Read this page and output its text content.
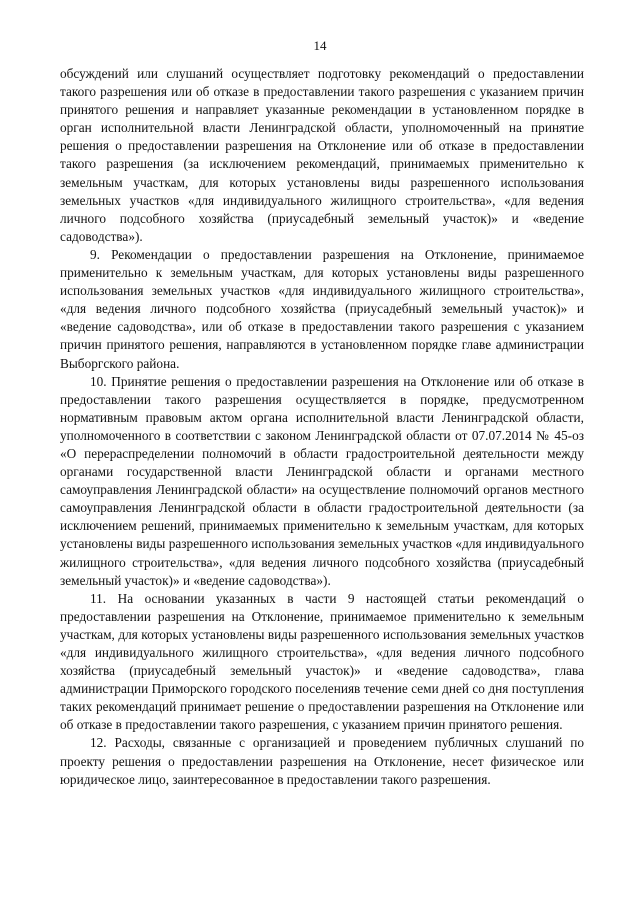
14

обсуждений или слушаний осуществляет подготовку рекомендаций о предоставлении такого разрешения или об отказе в предоставлении такого разрешения с указанием причин принятого решения и направляет указанные рекомендации в установленном порядке в орган исполнительной власти Ленинградской области, уполномоченный на принятие решения о предоставлении разрешения на Отклонение или об отказе в предоставлении такого разрешения (за исключением рекомендаций, принимаемых применительно к земельным участкам, для которых установлены виды разрешенного использования земельных участков «для индивидуального жилищного строительства», «для ведения личного подсобного хозяйства (приусадебный земельный участок)» и «ведение садоводства»).

9. Рекомендации о предоставлении разрешения на Отклонение, принимаемое применительно к земельным участкам, для которых установлены виды разрешенного использования земельных участков «для индивидуального жилищного строительства», «для ведения личного подсобного хозяйства (приусадебный земельный участок)» и «ведение садоводства», или об отказе в предоставлении такого разрешения с указанием причин принятого решения, направляются в установленном порядке главе администрации Выборгского района.

10. Принятие решения о предоставлении разрешения на Отклонение или об отказе в предоставлении такого разрешения осуществляется в порядке, предусмотренном нормативным правовым актом органа исполнительной власти Ленинградской области, уполномоченного в соответствии с законом Ленинградской области от 07.07.2014 № 45-оз «О перераспределении полномочий в области градостроительной деятельности между органами государственной власти Ленинградской области и органами местного самоуправления Ленинградской области» на осуществление полномочий органов местного самоуправления Ленинградской области в области градостроительной деятельности (за исключением решений, принимаемых применительно к земельным участкам, для которых установлены виды разрешенного использования земельных участков «для индивидуального жилищного строительства», «для ведения личного подсобного хозяйства (приусадебный земельный участок)» и «ведение садоводства»).

11. На основании указанных в части 9 настоящей статьи рекомендаций о предоставлении разрешения на Отклонение, принимаемое применительно к земельным участкам, для которых установлены виды разрешенного использования земельных участков «для индивидуального жилищного строительства», «для ведения личного подсобного хозяйства (приусадебный земельный участок)» и «ведение садоводства», глава администрации Приморского городского поселенияв течение семи дней со дня поступления таких рекомендаций принимает решение о предоставлении разрешения на Отклонение или об отказе в предоставлении такого разрешения, с указанием причин принятого решения.

12. Расходы, связанные с организацией и проведением публичных слушаний по проекту решения о предоставлении разрешения на Отклонение, несет физическое или юридическое лицо, заинтересованное в предоставлении такого разрешения.
